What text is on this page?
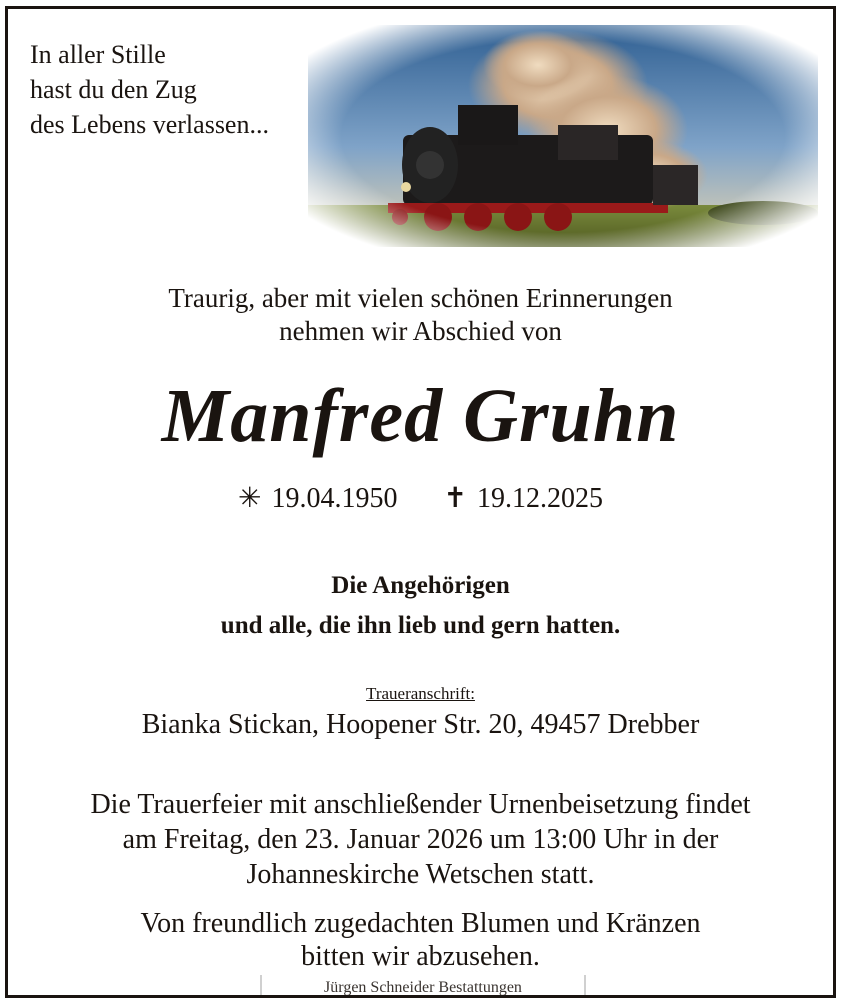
In aller Stille
hast du den Zug
des Lebens verlassen...
Traurig, aber mit vielen schönen Erinnerungen
nehmen wir Abschied von
Manfred Gruhn
✳ 19.04.1950 ✝ 19.12.2025
Die Angehörigen
und alle, die ihn lieb und gern hatten.
Traueranschrift:
Bianka Stickan, Hoopener Str. 20, 49457 Drebber
Die Trauerfeier mit anschließender Urnenbeisetzung findet
am Freitag, den 23. Januar 2026 um 13:00 Uhr in der
Johanneskirche Wetschen statt.
Von freundlich zugedachten Blumen und Kränzen
bitten wir abzusehen.
Jürgen Schneider Bestattungen
